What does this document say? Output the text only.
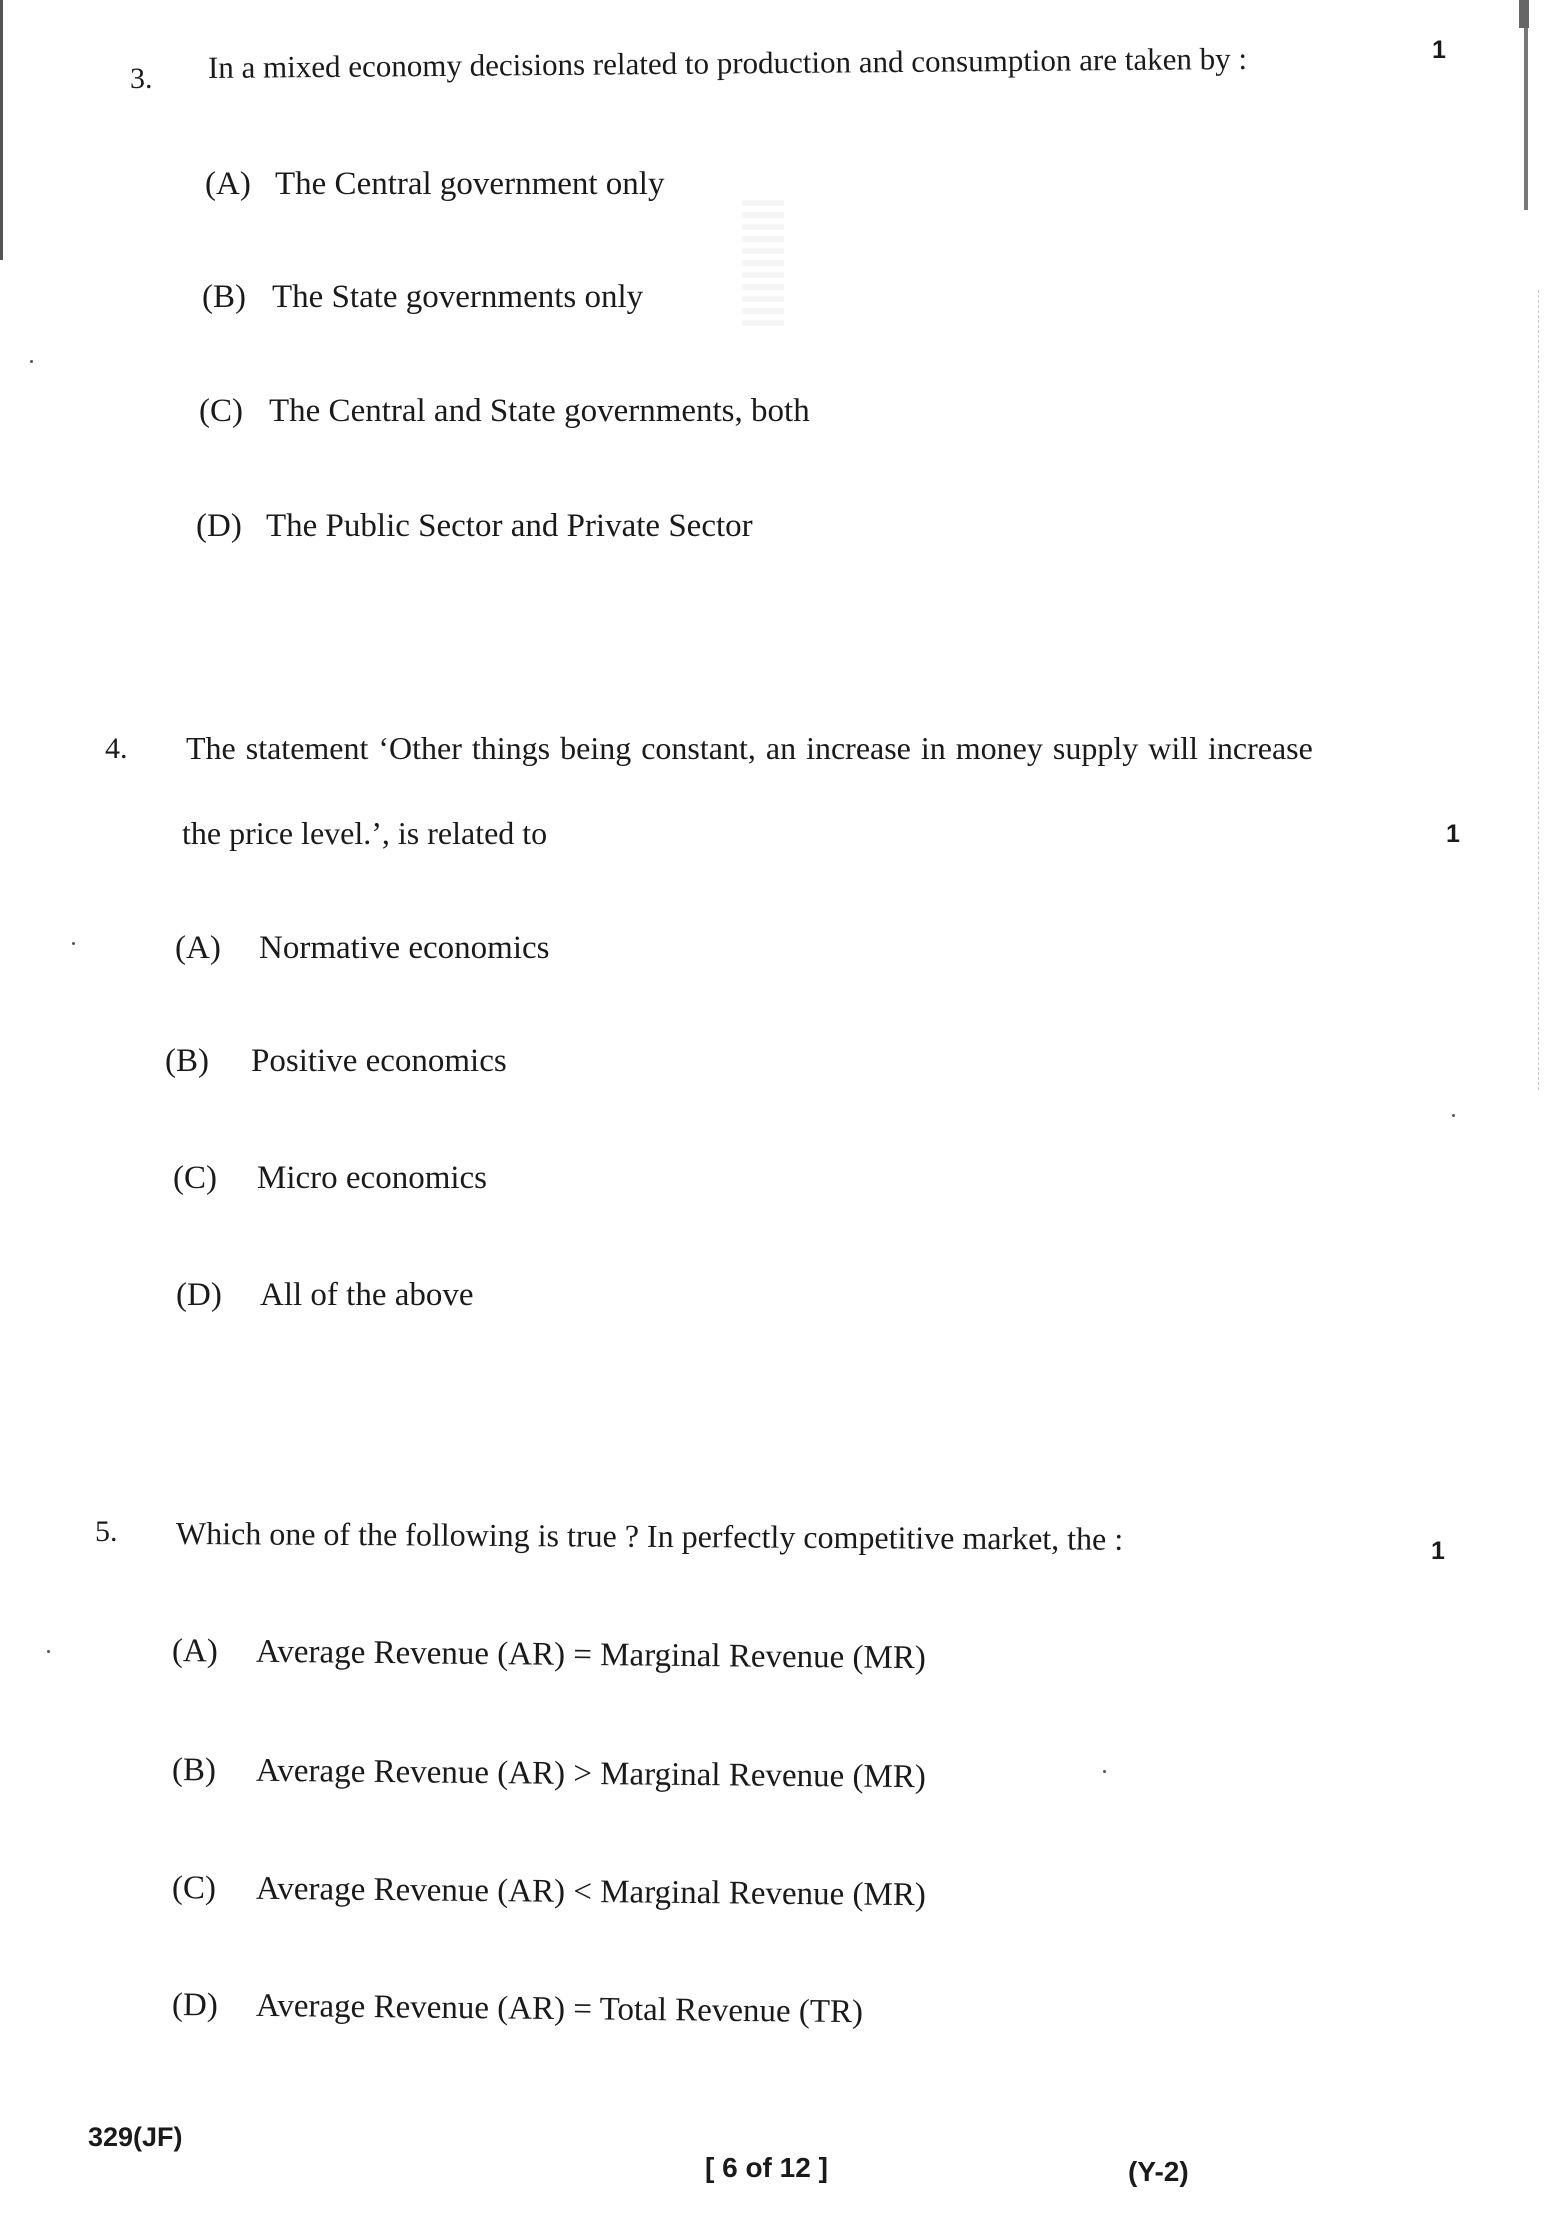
3. In a mixed economy decisions related to production and consumption are taken by :	1
(A) The Central government only
(B) The State governments only
(C) The Central and State governments, both
(D) The Public Sector and Private Sector
4. The statement ‘Other things being constant, an increase in money supply will increase
the price level.’, is related to	1
(A) Normative economics
(B) Positive economics
(C) Micro economics
(D) All of the above
5. Which one of the following is true ? In perfectly competitive market, the :	1
(A) Average Revenue (AR) = Marginal Revenue (MR)
(B) Average Revenue (AR) > Marginal Revenue (MR)
(C) Average Revenue (AR) < Marginal Revenue (MR)
(D) Average Revenue (AR) = Total Revenue (TR)
329(JF)
[ 6 of 12 ]	(Y-2)
